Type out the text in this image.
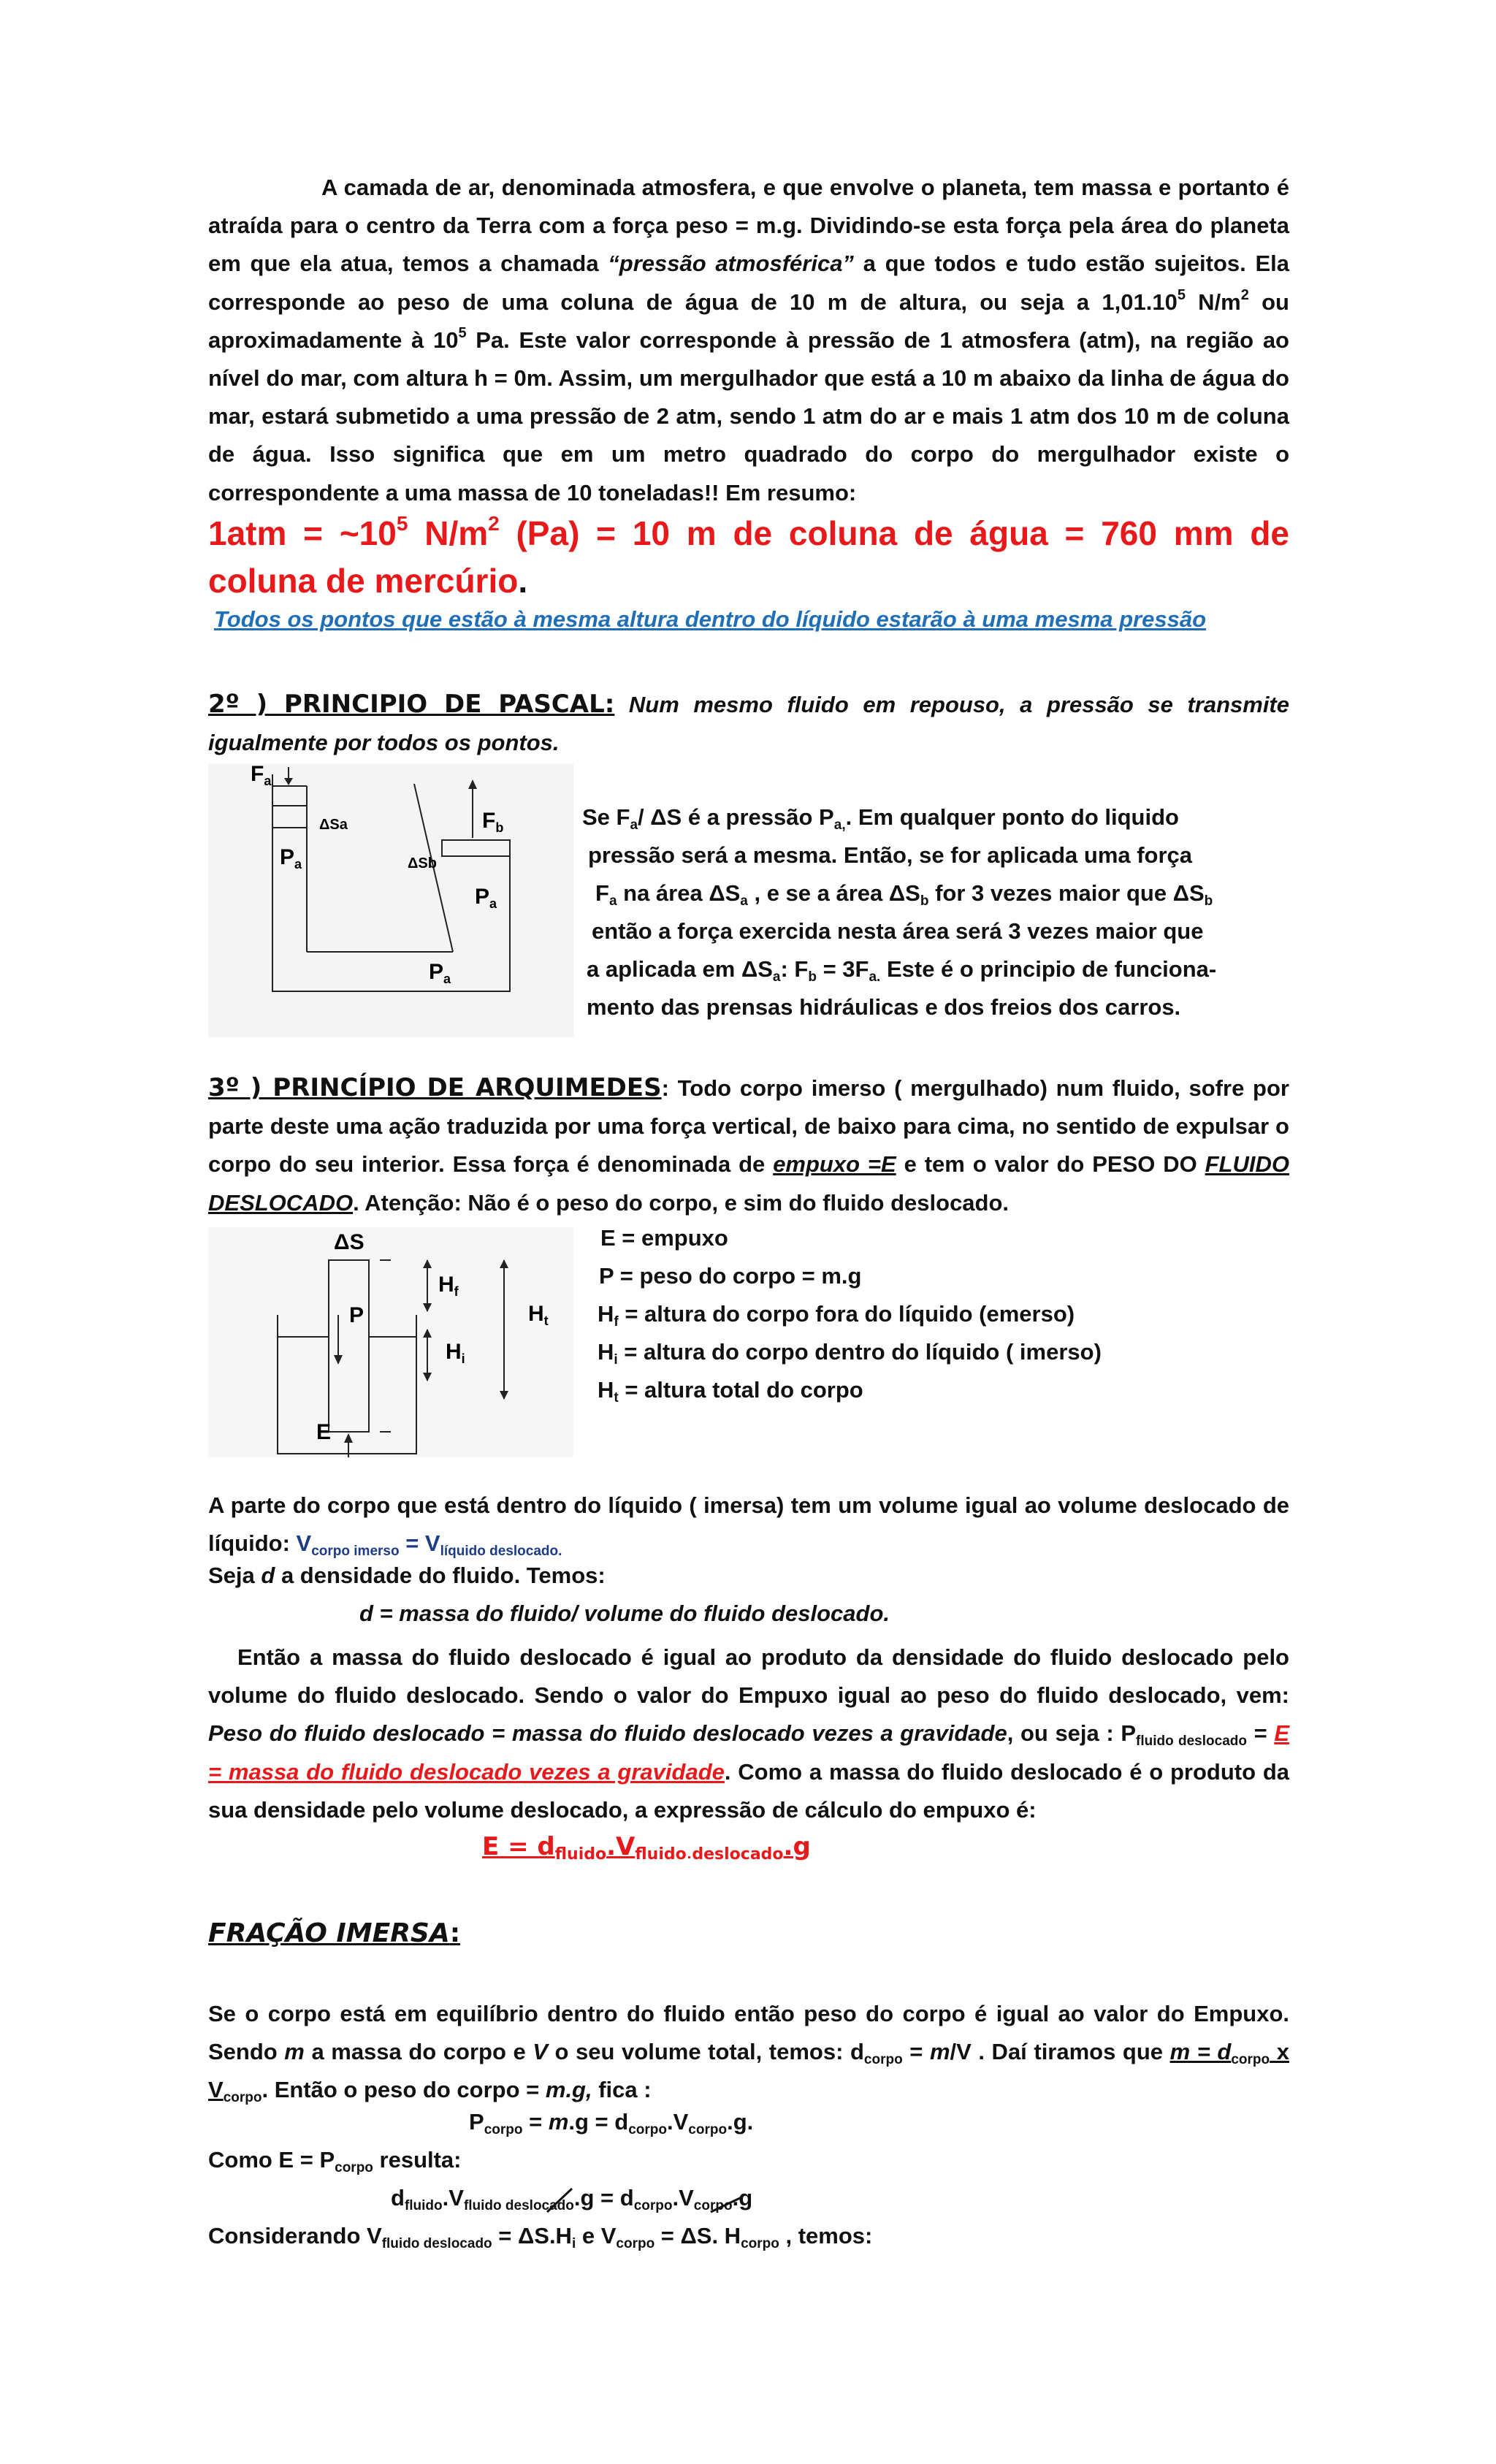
A camada de ar, denominada atmosfera, e que envolve o planeta, tem massa e portanto é atraída para o centro da Terra com a força peso = m.g. Dividindo-se esta força pela área do planeta em que ela atua, temos a chamada “pressão atmosférica” a que todos e tudo estão sujeitos. Ela corresponde ao peso de uma coluna de água de 10 m de altura, ou seja a 1,01.10$^5$ $N/m^2$ ou aproximadamente à $10^5$ Pa. Este valor corresponde à pressão de 1 atmosfera (atm), na região ao nível do mar, com altura h = 0m. Assim, um mergulhador que está a 10 m abaixo da linha de água do mar, estará submetido a uma pressão de 2 atm, sendo 1 atm do ar e mais 1 atm dos 10 m de coluna de água. Isso significa que em um metro quadrado do corpo do mergulhador existe o correspondente a uma massa de 10 toneladas!! Em resumo:

$1atm = \sim 10^5$ $N/m^2$ (Pa) = 10 m de coluna de água = 760 mm de coluna de mercúrio.

Todos os pontos que estão à mesma altura dentro do líquido estarão à uma mesma pressão

2º ) PRINCIPIO DE PASCAL: Num mesmo fluido em repouso, a pressão se transmite igualmente por todos os pontos.

$F_a$
ΔSa
ΔSb
$F_b$
$P_a$
$P_a$
$P_a$
Se $F_a/$ ΔS é a pressão $P_{a,}$. Em qualquer ponto do liquido
pressão será a mesma. Então, se for aplicada uma força
$F_a$ na área $\Delta S_a$ , e se a área $\Delta S_b$ for 3 vezes maior que $\Delta S_b$
então a força exercida nesta área será 3 vezes maior que
a aplicada em $\Delta S_a$: $F_b = 3F_{a.}$ Este é o principio de funciona-
mento das prensas hidráulicas e dos freios dos carros.

3º ) PRINCÍPIO DE ARQUIMEDES: Todo corpo imerso ( mergulhado) num fluido, sofre por parte deste uma ação traduzida por uma força vertical, de baixo para cima, no sentido de expulsar o corpo do seu interior. Essa força é denominada de empuxo =E e tem o valor do PESO DO FLUIDO DESLOCADO. Atenção: Não é o peso do corpo, e sim do fluido deslocado.

ΔS
$H_f$
P	$H_t$
$H_i$
E
E = empuxo
P = peso do corpo = m.g
$H_f$ = altura do corpo fora do líquido (emerso)
$H_i$ = altura do corpo dentro do líquido ( imerso)
$H_t$ = altura total do corpo

A parte do corpo que está dentro do líquido ( imersa) tem um volume igual ao volume deslocado de líquido: $V_{corpo imerso} = V_{líquido deslocado.}$

Seja d a densidade do fluido. Temos:
d = massa do fluido/ volume do fluido deslocado.

Então a massa do fluido deslocado é igual ao produto da densidade do fluido deslocado pelo volume do fluido deslocado. Sendo o valor do Empuxo igual ao peso do fluido deslocado, vem: Peso do fluido deslocado = massa do fluido deslocado vezes a gravidade, ou seja : $P_{fluido deslocado} = E$ = massa do fluido deslocado vezes a gravidade. Como a massa do fluido deslocado é o produto da sua densidade pelo volume deslocado, a expressão de cálculo do empuxo é:

$E = d_{fluido}.V_{fluido deslocado}.g$
FRAÇÃO IMERSA:

Se o corpo está em equilíbrio dentro do fluido então peso do corpo é igual ao valor do Empuxo. Sendo m a massa do corpo e V o seu volume total, temos: $d_{corpo} = m/V$ . Daí tiramos que $m = d_{corpo}$ x $V_{corpo}$. Então o peso do corpo = m.g, fica :

$P_{corpo} = m.g = d_{corpo}.V_{corpo}.g$.
Como $E = P_{corpo}$ resulta:
$d_{fluido}.V_{fluido deslocado}.g = d_{corpo}.V_{corpo}.g$
Considerando $V_{fluido deslocado} = \Delta S.H_i$ e $V_{corpo} = \Delta S$. $H_{corpo}$ , temos:
